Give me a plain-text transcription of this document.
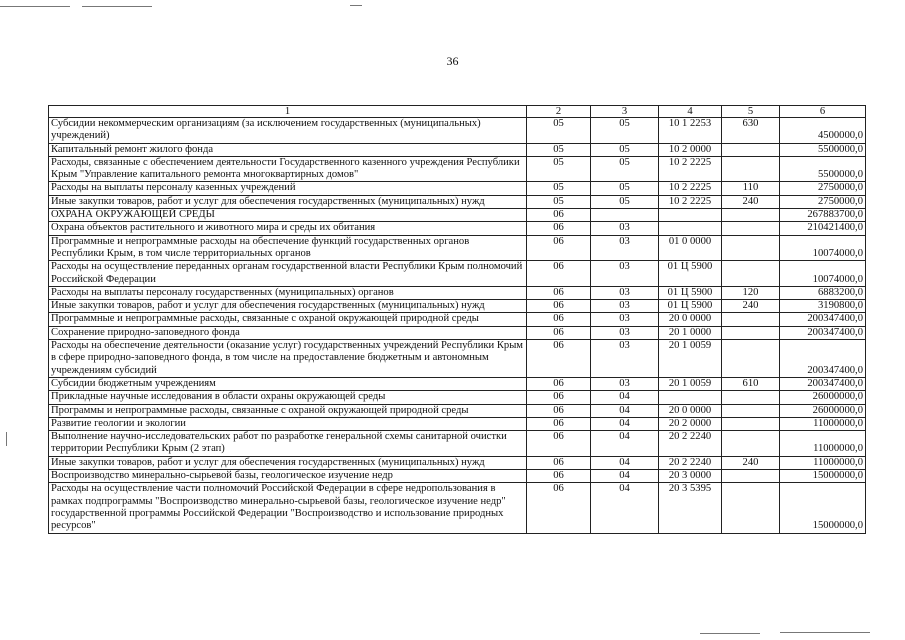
36
1	2	3	4	5	6
Субсидии некоммерческим организациям (за исключением государственных (муниципальных) учреждений)	05	05	10 1 2253	630	4500000,0
Капитальный ремонт жилого фонда	05	05	10 2 0000		5500000,0
Расходы, связанные с обеспечением деятельности Государственного казенного учреждения Республики Крым "Управление капитального ремонта многоквартирных домов"	05	05	10 2 2225		5500000,0
Расходы на выплаты персоналу казенных учреждений	05	05	10 2 2225	110	2750000,0
Иные закупки товаров, работ и услуг для обеспечения государственных (муниципальных) нужд	05	05	10 2 2225	240	2750000,0
ОХРАНА ОКРУЖАЮЩЕЙ СРЕДЫ	06				267883700,0
Охрана объектов растительного и животного мира и среды их обитания	06	03			210421400,0
Программные и непрограммные расходы на обеспечение функций государственных органов Республики Крым, в том числе территориальных органов	06	03	01 0 0000		10074000,0
Расходы на осуществление переданных органам государственной власти Республики Крым полномочий Российской Федерации	06	03	01 Ц 5900		10074000,0
Расходы на выплаты персоналу государственных (муниципальных) органов	06	03	01 Ц 5900	120	6883200,0
Иные закупки товаров, работ и услуг для обеспечения государственных (муниципальных) нужд	06	03	01 Ц 5900	240	3190800,0
Программные и непрограммные расходы, связанные с охраной окружающей природной среды	06	03	20 0 0000		200347400,0
Сохранение природно-заповедного фонда	06	03	20 1 0000		200347400,0
Расходы на обеспечение деятельности (оказание услуг) государственных учреждений Республики Крым в сфере природно-заповедного фонда, в том числе на предоставление бюджетным и автономным учреждениям субсидий	06	03	20 1 0059		200347400,0
Субсидии бюджетным учреждениям	06	03	20 1 0059	610	200347400,0
Прикладные научные исследования в области охраны окружающей среды	06	04			26000000,0
Программы и непрограммные расходы, связанные с охраной окружающей природной среды	06	04	20 0 0000		26000000,0
Развитие геологии и экологии	06	04	20 2 0000		11000000,0
Выполнение научно-исследовательских работ по разработке генеральной схемы санитарной очистки территории Республики Крым (2 этап)	06	04	20 2 2240		11000000,0
Иные закупки товаров, работ и услуг для обеспечения государственных (муниципальных) нужд	06	04	20 2 2240	240	11000000,0
Воспроизводство минерально-сырьевой базы, геологическое изучение недр	06	04	20 3 0000		15000000,0
Расходы на осуществление части полномочий Российской Федерации в сфере недропользования в рамках подпрограммы "Воспроизводство минерально-сырьевой базы, геологическое изучение недр" государственной программы Российской Федерации "Воспроизводство и использование природных ресурсов"	06	04	20 3 5395		15000000,0
